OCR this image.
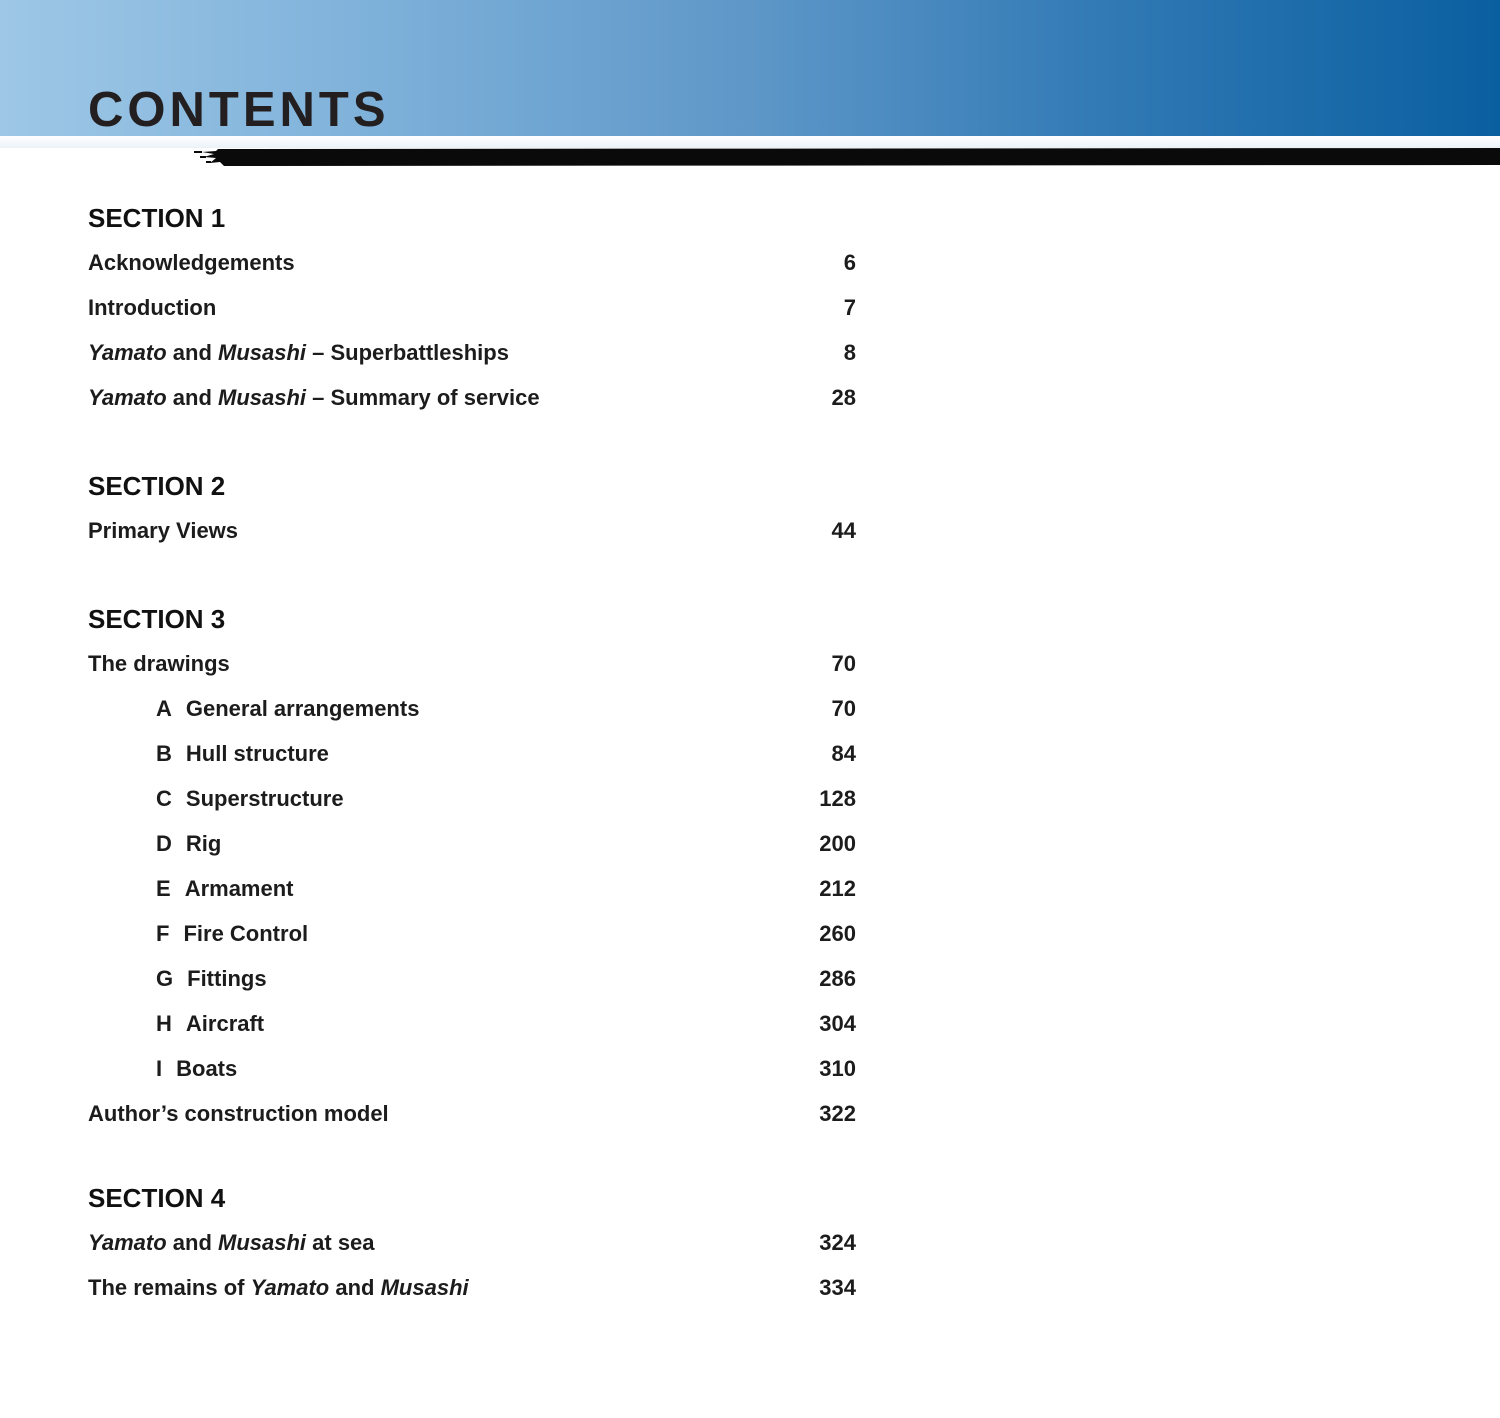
CONTENTS
SECTION 1
Acknowledgements	6
Introduction	7
Yamato and Musashi – Superbattleships	8
Yamato and Musashi – Summary of service	28
SECTION 2
Primary Views	44
SECTION 3
The drawings	70
A General arrangements	70
B Hull structure	84
C Superstructure	128
D Rig	200
E Armament	212
F Fire Control	260
G Fittings	286
H Aircraft	304
I Boats	310
Author’s construction model	322
SECTION 4
Yamato and Musashi at sea	324
The remains of Yamato and Musashi	334
